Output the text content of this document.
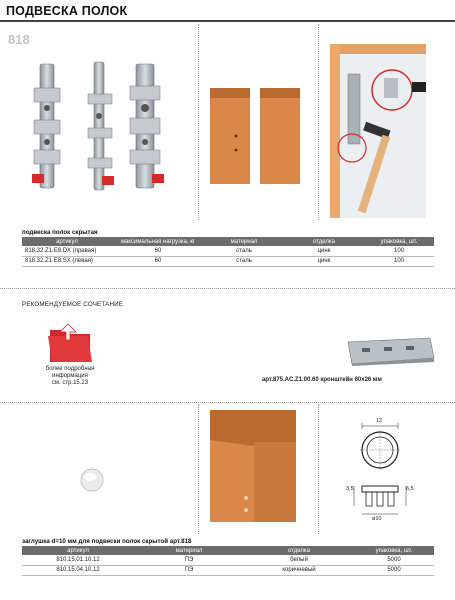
ПОДВЕСКА ПОЛОК
818
подвеска полок скрытая
артикул	максимальная нагрузка, кг	материал	отделка	упаковка, шт.
818.32.Z1.E8.DX (правая)	60	сталь	цинк	100
818.32.Z1.E8.SX (левая)	60	сталь	цинк	100
РЕКОМЕНДУЕМОЕ СОЧЕТАНИЕ
более подробная
информация
см. стр.15.23	арт.875.AC.Z1.00.60 кронштейн 60x26 мм
12
3,5	6,5
ø10
заглушка d=10 мм для подвески полок скрытой арт.818
артикул	материал	отделка	упаковка, шт.
810.15.01.10.12	ПЭ	белый	5000
810.15.04.10.12	ПЭ	коричневый	5000
